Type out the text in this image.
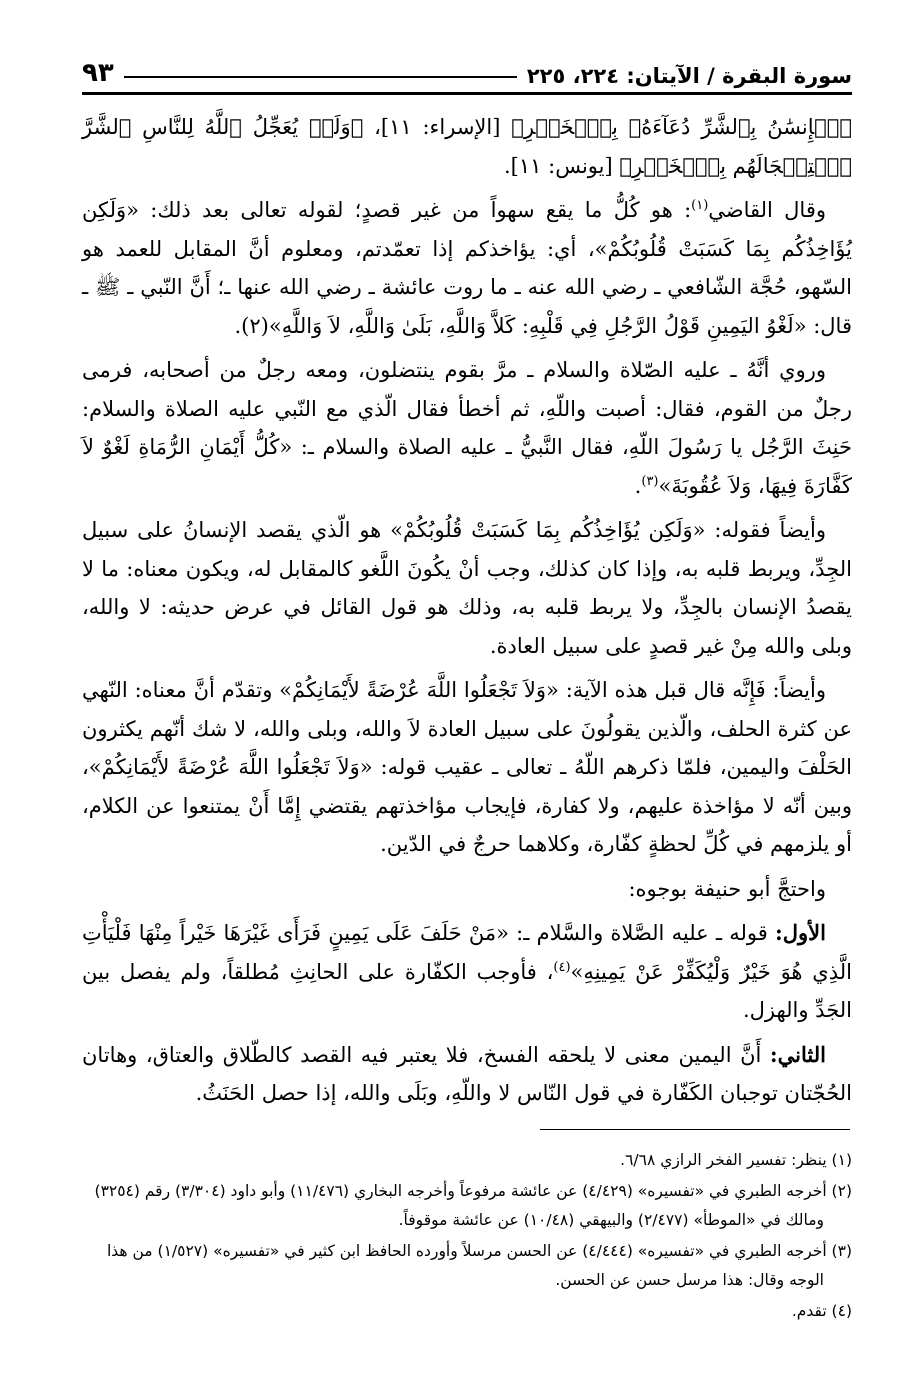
سورة البقرة / الآيتان: ٢٢٤، ٢٢٥
٩٣

ٱلۡإِنسَٰنُ بِٱلشَّرِّ دُعَآءَهُۥ بِٱلۡخَيۡرِ﴾ [الإسراء: ١١]، ﴿وَلَوۡ يُعَجِّلُ ٱللَّهُ لِلنَّاسِ ٱلشَّرَّ ٱسۡتِعۡجَالَهُم بِٱلۡخَيۡرِ﴾ [يونس: ١١].

وقال القاضي$^{(١)}$: هو كُلُّ ما يقع سهواً من غير قصدٍ؛ لقوله تعالى بعد ذلك: «وَلَكِن يُؤَاخِذُكُم بِمَا كَسَبَتْ قُلُوبُكُمْ»، أي: يؤاخذكم إذا تعمّدتم، ومعلوم أنَّ المقابل للعمد هو السّهو، حُجَّة الشّافعي ـ رضي الله عنه ـ ما روت عائشة ـ رضي الله عنها ـ؛ أَنَّ النّبي ـ ﷺ ـ قال: «لَغْوُ اليَمِينِ قَوْلُ الرَّجُلِ فِي قَلْبِهِ: كَلاَّ وَاللَّهِ، بَلَىٰ وَاللَّهِ، لاَ وَاللَّهِ»(٢).

وروي أنَّهُ ـ عليه الصّلاة والسلام ـ مرَّ بقوم ينتضلون، ومعه رجلٌ من أصحابه، فرمى رجلٌ من القوم، فقال: أصبت واللّهِ، ثم أخطأ فقال الّذي مع النّبي عليه الصلاة والسلام: حَنِثَ الرَّجُل يا رَسُولَ اللّهِ، فقال النَّبيُّ ـ عليه الصلاة والسلام ـ: «كُلُّ أَيْمَانِ الرُّمَاةِ لَغْوٌ لاَ كَفَّارَةَ فِيهَا، وَلاَ عُقُوبَةَ»$^{(٣)}$.

وأيضاً فقوله: «وَلَكِن يُؤَاخِذُكُم بِمَا كَسَبَتْ قُلُوبُكُمْ» هو الّذي يقصد الإنسانُ على سبيل الجِدِّ، ويربط قلبه به، وإذا كان كذلك، وجب أنْ يكُونَ اللَّغو كالمقابل له، ويكون معناه: ما لا يقصدُ الإنسان بالجِدِّ، ولا يربط قلبه به، وذلك هو قول القائل في عرض حديثه: لا والله، وبلى والله مِنْ غير قصدٍ على سبيل العادة.

وأيضاً: فَإِنَّه قال قبل هذه الآية: «وَلاَ تَجْعَلُوا اللَّهَ عُرْضَةً لأَيْمَانِكُمْ» وتقدّم أنَّ معناه: النّهي عن كثرة الحلف، والّذين يقولُونَ على سبيل العادة لاَ والله، وبلى والله، لا شك أنّهم يكثرون الحَلْفَ واليمين، فلمّا ذكرهم اللّهُ ـ تعالى ـ عقيب قوله: «وَلاَ تَجْعَلُوا اللَّهَ عُرْضَةً لأَيْمَانِكُمْ»، وبين أنّه لا مؤاخذة عليهم، ولا كفارة، فإيجاب مؤاخذتهم يقتضي إِمَّا أَنْ يمتنعوا عن الكلام، أو يلزمهم في كُلِّ لحظةٍ كفّارة، وكلاهما حرجٌ في الدّين.

واحتجَّ أبو حنيفة بوجوه:

الأول: قوله ـ عليه الصَّلاة والسَّلام ـ: «مَنْ حَلَفَ عَلَى يَمِينٍ فَرَأَى غَيْرَهَا خَيْراً مِنْهَا فَلْيَأْتِ الَّذِي هُوَ خَيْرٌ وَلْيُكَفِّرْ عَنْ يَمِينِهِ»$^{(٤)}$، فأوجب الكفّارة على الحانِثِ مُطلقاً، ولم يفصل بين الجَدِّ والهزل.

الثاني: أَنَّ اليمين معنى لا يلحقه الفسخ، فلا يعتبر فيه القصد كالطّلاق والعتاق، وهاتان الحُجّتان توجبان الكَفّارة في قول النّاس لا واللّهِ، وبَلَى والله، إذا حصل الحَنَثُ.

(١) ينظر: تفسير الفخر الرازي ٦/٦٨.

(٢) أخرجه الطبري في «تفسيره» (٤/٤٢٩) عن عائشة مرفوعاً وأخرجه البخاري (١١/٤٧٦) وأبو داود (٣/٣٠٤) رقم (٣٢٥٤) ومالك في «الموطأ» (٢/٤٧٧) والبيهقي (١٠/٤٨) عن عائشة موقوفاً.

(٣) أخرجه الطبري في «تفسيره» (٤/٤٤٤) عن الحسن مرسلاً وأورده الحافظ ابن كثير في «تفسيره» (١/٥٢٧) من هذا الوجه وقال: هذا مرسل حسن عن الحسن.

(٤) تقدم.
